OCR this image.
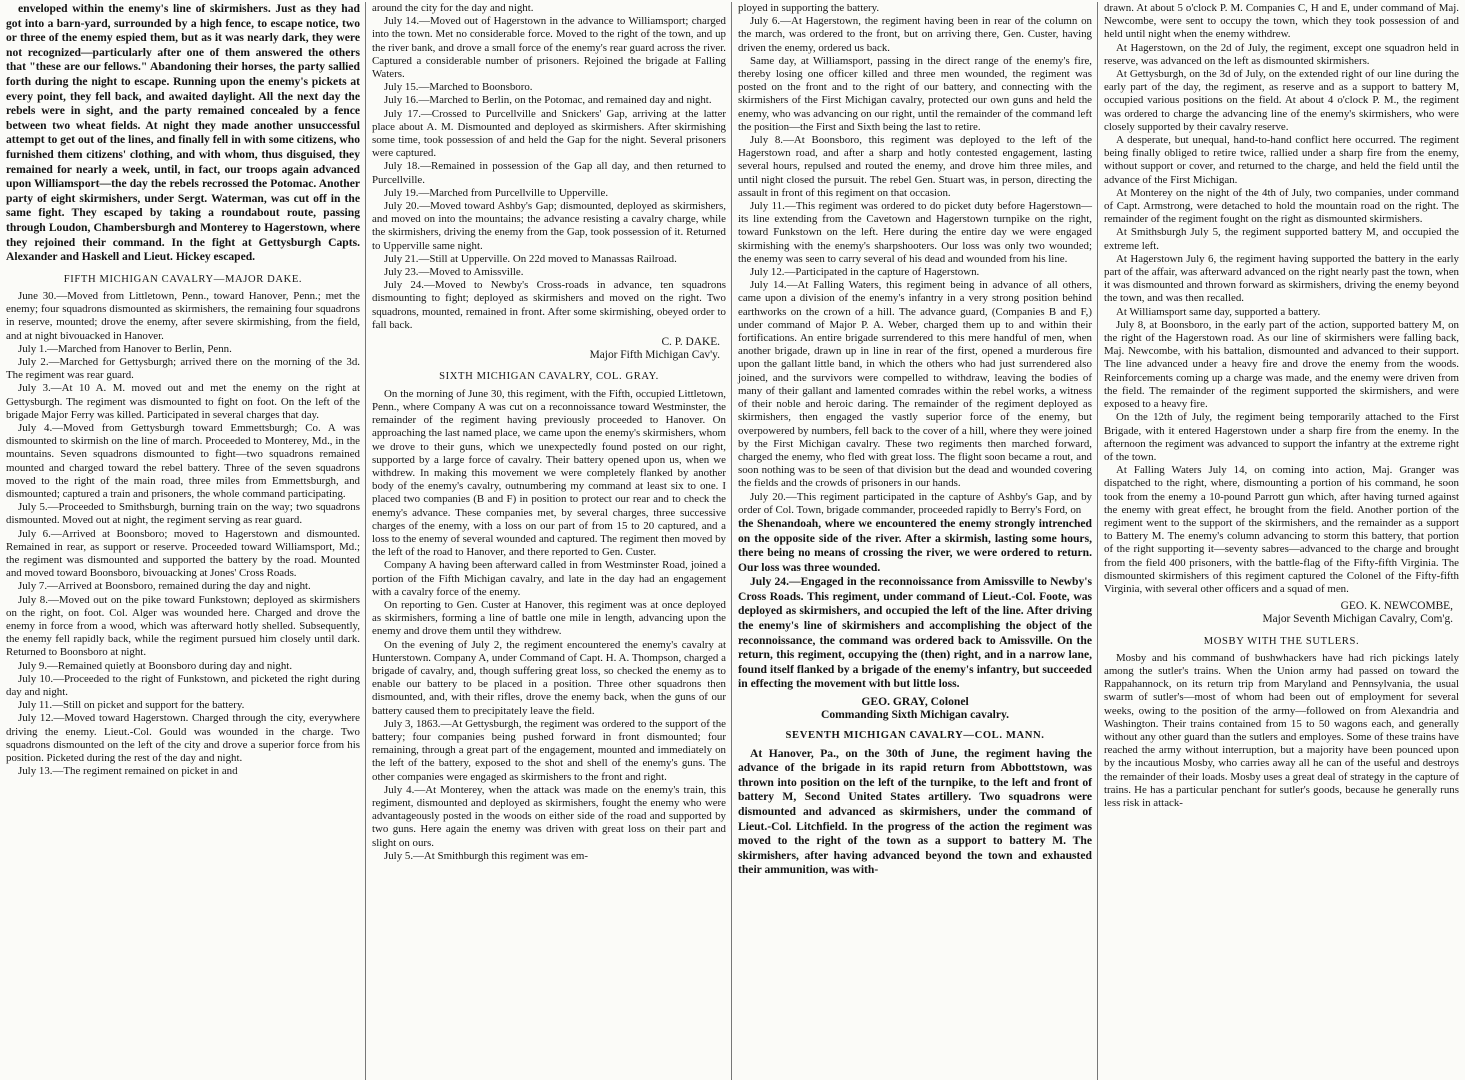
enveloped within the enemy's line of skirmishers. Just as they had got into a barn-yard, surrounded by a high fence, to escape notice, two or three of the enemy espied them, but as it was nearly dark, they were not recognized—particularly after one of them answered the others that "these are our fellows." Abandoning their horses, the party sallied forth during the night to escape. Running upon the enemy's pickets at every point, they fell back, and awaited daylight. All the next day the rebels were in sight, and the party remained concealed by a fence between two wheat fields. At night they made another unsuccessful attempt to get out of the lines, and finally fell in with some citizens, who furnished them citizens' clothing, and with whom, thus disguised, they remained for nearly a week, until, in fact, our troops again advanced upon Williamsport—the day the rebels recrossed the Potomac. Another party of eight skirmishers, under Sergt. Waterman, was cut off in the same fight. They escaped by taking a roundabout route, passing through Loudon, Chambersburgh and Monterey to Hagerstown, where they rejoined their command. In the fight at Gettysburgh Capts. Alexander and Haskell and Lieut. Hickey escaped.

FIFTH MICHIGAN CAVALRY—MAJOR DAKE.

June 30.—Moved from Littletown, Penn., toward Hanover, Penn.; met the enemy; four squadrons dismounted as skirmishers, the remaining four squadrons in reserve, mounted; drove the enemy, after severe skirmishing, from the field, and at night bivouacked in Hanover.

July 1.—Marched from Hanover to Berlin, Penn.

July 2.—Marched for Gettysburgh; arrived there on the morning of the 3d. The regiment was rear guard.

July 3.—At 10 A. M. moved out and met the enemy on the right at Gettysburgh. The regiment was dismounted to fight on foot. On the left of the brigade Major Ferry was killed. Participated in several charges that day.

July 4.—Moved from Gettysburgh toward Emmettsburgh; Co. A was dismounted to skirmish on the line of march. Proceeded to Monterey, Md., in the mountains. Seven squadrons dismounted to fight—two squadrons remained mounted and charged toward the rebel battery. Three of the seven squadrons moved to the right of the main road, three miles from Emmettsburgh, and dismounted; captured a train and prisoners, the whole command participating.

July 5.—Proceeded to Smithsburgh, burning train on the way; two squadrons dismounted. Moved out at night, the regiment serving as rear guard.

July 6.—Arrived at Boonsboro; moved to Hagerstown and dismounted. Remained in rear, as support or reserve. Proceeded toward Williamsport, Md.; the regiment was dismounted and supported the battery by the road. Mounted and moved toward Boonsboro, bivouacking at Jones' Cross Roads.

July 7.—Arrived at Boonsboro, remained during the day and night.

July 8.—Moved out on the pike toward Funkstown; deployed as skirmishers on the right, on foot. Col. Alger was wounded here. Charged and drove the enemy in force from a wood, which was afterward hotly shelled. Subsequently, the enemy fell rapidly back, while the regiment pursued him closely until dark. Returned to Boonsboro at night.

July 9.—Remained quietly at Boonsboro during day and night.

July 10.—Proceeded to the right of Funkstown, and picketed the right during day and night.

July 11.—Still on picket and support for the battery.

July 12.—Moved toward Hagerstown. Charged through the city, everywhere driving the enemy. Lieut.-Col. Gould was wounded in the charge. Two squadrons dismounted on the left of the city and drove a superior force from his position. Picketed during the rest of the day and night.

July 13.—The regiment remained on picket in and

around the city for the day and night.

July 14.—Moved out of Hagerstown in the advance to Williamsport; charged into the town. Met no considerable force. Moved to the right of the town, and up the river bank, and drove a small force of the enemy's rear guard across the river. Captured a considerable number of prisoners. Rejoined the brigade at Falling Waters.

July 15.—Marched to Boonsboro.

July 16.—Marched to Berlin, on the Potomac, and remained day and night.

July 17.—Crossed to Purcellville and Snickers' Gap, arriving at the latter place about A. M. Dismounted and deployed as skirmishers. After skirmishing some time, took possession of and held the Gap for the night. Several prisoners were captured.

July 18.—Remained in possession of the Gap all day, and then returned to Purcellville.

July 19.—Marched from Purcellville to Upperville.

July 20.—Moved toward Ashby's Gap; dismounted, deployed as skirmishers, and moved on into the mountains; the advance resisting a cavalry charge, while the skirmishers, driving the enemy from the Gap, took possession of it. Returned to Upperville same night.

July 21.—Still at Upperville. On 22d moved to Manassas Railroad.

July 23.—Moved to Amissville.

July 24.—Moved to Newby's Cross-roads in advance, ten squadrons dismounting to fight; deployed as skirmishers and moved on the right. Two squadrons, mounted, remained in front. After some skirmishing, obeyed order to fall back.

C. P. DAKE.
Major Fifth Michigan Cav'y.
SIXTH MICHIGAN CAVALRY, COL. GRAY.

On the morning of June 30, this regiment, with the Fifth, occupied Littletown, Penn., where Company A was cut on a reconnoissance toward Westminster, the remainder of the regiment having previously proceeded to Hanover. On approaching the last named place, we came upon the enemy's skirmishers, whom we drove to their guns, which we unexpectedly found posted on our right, supported by a large force of cavalry. Their battery opened upon us, when we withdrew. In making this movement we were completely flanked by another body of the enemy's cavalry, outnumbering my command at least six to one. I placed two companies (B and F) in position to protect our rear and to check the enemy's advance. These companies met, by several charges, three successive charges of the enemy, with a loss on our part of from 15 to 20 captured, and a loss to the enemy of several wounded and captured. The regiment then moved by the left of the road to Hanover, and there reported to Gen. Custer.

Company A having been afterward called in from Westminster Road, joined a portion of the Fifth Michigan cavalry, and late in the day had an engagement with a cavalry force of the enemy.

On reporting to Gen. Custer at Hanover, this regiment was at once deployed as skirmishers, forming a line of battle one mile in length, advancing upon the enemy and drove them until they withdrew.

On the evening of July 2, the regiment encountered the enemy's cavalry at Hunterstown. Company A, under Command of Capt. H. A. Thompson, charged a brigade of cavalry, and, though suffering great loss, so checked the enemy as to enable our battery to be placed in a position. Three other squadrons then dismounted, and, with their rifles, drove the enemy back, when the guns of our battery caused them to precipitately leave the field.

July 3, 1863.—At Gettysburgh, the regiment was ordered to the support of the battery; four companies being pushed forward in front dismounted; four remaining, through a great part of the engagement, mounted and immediately on the left of the battery, exposed to the shot and shell of the enemy's guns. The other companies were engaged as skirmishers to the front and right.

July 4.—At Monterey, when the attack was made on the enemy's train, this regiment, dismounted and deployed as skirmishers, fought the enemy who were advantageously posted in the woods on either side of the road and supported by two guns. Here again the enemy was driven with great loss on their part and slight on ours.

July 5.—At Smithburgh this regiment was em-

ployed in supporting the battery.

July 6.—At Hagerstown, the regiment having been in rear of the column on the march, was ordered to the front, but on arriving there, Gen. Custer, having driven the enemy, ordered us back.

Same day, at Williamsport, passing in the direct range of the enemy's fire, thereby losing one officer killed and three men wounded, the regiment was posted on the front and to the right of our battery, and connecting with the skirmishers of the First Michigan cavalry, protected our own guns and held the enemy, who was advancing on our right, until the remainder of the command left the position—the First and Sixth being the last to retire.

July 8.—At Boonsboro, this regiment was deployed to the left of the Hagerstown road, and after a sharp and hotly contested engagement, lasting several hours, repulsed and routed the enemy, and drove him three miles, and until night closed the pursuit. The rebel Gen. Stuart was, in person, directing the assault in front of this regiment on that occasion.

July 11.—This regiment was ordered to do picket duty before Hagerstown—its line extending from the Cavetown and Hagerstown turnpike on the right, toward Funkstown on the left. Here during the entire day we were engaged skirmishing with the enemy's sharpshooters. Our loss was only two wounded; the enemy was seen to carry several of his dead and wounded from his line.

July 12.—Participated in the capture of Hagerstown.

July 14.—At Falling Waters, this regiment being in advance of all others, came upon a division of the enemy's infantry in a very strong position behind earthworks on the crown of a hill. The advance guard, (Companies B and F,) under command of Major P. A. Weber, charged them up to and within their fortifications. An entire brigade surrendered to this mere handful of men, when another brigade, drawn up in line in rear of the first, opened a murderous fire upon the gallant little band, in which the others who had just surrendered also joined, and the survivors were compelled to withdraw, leaving the bodies of many of their gallant and lamented comrades within the rebel works, a witness of their noble and heroic daring. The remainder of the regiment deployed as skirmishers, then engaged the vastly superior force of the enemy, but overpowered by numbers, fell back to the cover of a hill, where they were joined by the First Michigan cavalry. These two regiments then marched forward, charged the enemy, who fled with great loss. The flight soon became a rout, and soon nothing was to be seen of that division but the dead and wounded covering the fields and the crowds of prisoners in our hands.

July 20.—This regiment participated in the capture of Ashby's Gap, and by order of Col. Town, brigade commander, proceeded rapidly to Berry's Ford, on

the Shenandoah, where we encountered the enemy strongly intrenched on the opposite side of the river. After a skirmish, lasting some hours, there being no means of crossing the river, we were ordered to return. Our loss was three wounded.

July 24.—Engaged in the reconnoissance from Amissville to Newby's Cross Roads. This regiment, under command of Lieut.-Col. Foote, was deployed as skirmishers, and occupied the left of the line. After driving the enemy's line of skirmishers and accomplishing the object of the reconnoissance, the command was ordered back to Amissville. On the return, this regiment, occupying the (then) right, and in a narrow lane, found itself flanked by a brigade of the enemy's infantry, but succeeded in effecting the movement with but little loss.

GEO. GRAY, Colonel
Commanding Sixth Michigan cavalry.
SEVENTH MICHIGAN CAVALRY—COL. MANN.

At Hanover, Pa., on the 30th of June, the regiment having the advance of the brigade in its rapid return from Abbottstown, was thrown into position on the left of the turnpike, to the left and front of battery M, Second United States artillery. Two squadrons were dismounted and advanced as skirmishers, under the command of Lieut.-Col. Litchfield. In the progress of the action the regiment was moved to the right of the town as a support to battery M. The skirmishers, after having advanced beyond the town and exhausted their ammunition, was with-

drawn. At about 5 o'clock P. M. Companies C, H and E, under command of Maj. Newcombe, were sent to occupy the town, which they took possession of and held until night when the enemy withdrew.

At Hagerstown, on the 2d of July, the regiment, except one squadron held in reserve, was advanced on the left as dismounted skirmishers.

At Gettysburgh, on the 3d of July, on the extended right of our line during the early part of the day, the regiment, as reserve and as a support to battery M, occupied various positions on the field. At about 4 o'clock P. M., the regiment was ordered to charge the advancing line of the enemy's skirmishers, who were closely supported by their cavalry reserve.

A desperate, but unequal, hand-to-hand conflict here occurred. The regiment being finally obliged to retire twice, rallied under a sharp fire from the enemy, without support or cover, and returned to the charge, and held the field until the advance of the First Michigan.

At Monterey on the night of the 4th of July, two companies, under command of Capt. Armstrong, were detached to hold the mountain road on the right. The remainder of the regiment fought on the right as dismounted skirmishers.

At Smithsburgh July 5, the regiment supported battery M, and occupied the extreme left.

At Hagerstown July 6, the regiment having supported the battery in the early part of the affair, was afterward advanced on the right nearly past the town, when it was dismounted and thrown forward as skirmishers, driving the enemy beyond the town, and was then recalled.

At Williamsport same day, supported a battery.

July 8, at Boonsboro, in the early part of the action, supported battery M, on the right of the Hagerstown road. As our line of skirmishers were falling back, Maj. Newcombe, with his battalion, dismounted and advanced to their support. The line advanced under a heavy fire and drove the enemy from the woods. Reinforcements coming up a charge was made, and the enemy were driven from the field. The remainder of the regiment supported the skirmishers, and were exposed to a heavy fire.

On the 12th of July, the regiment being temporarily attached to the First Brigade, with it entered Hagerstown under a sharp fire from the enemy. In the afternoon the regiment was advanced to support the infantry at the extreme right of the town.

At Falling Waters July 14, on coming into action, Maj. Granger was dispatched to the right, where, dismounting a portion of his command, he soon took from the enemy a 10-pound Parrott gun which, after having turned against the enemy with great effect, he brought from the field. Another portion of the regiment went to the support of the skirmishers, and the remainder as a support to Battery M. The enemy's column advancing to storm this battery, that portion of the right supporting it—seventy sabres—advanced to the charge and brought from the field 400 prisoners, with the battle-flag of the Fifty-fifth Virginia. The dismounted skirmishers of this regiment captured the Colonel of the Fifty-fifth Virginia, with several other officers and a squad of men.

GEO. K. NEWCOMBE,
Major Seventh Michigan Cavalry, Com'g.
MOSBY WITH THE SUTLERS.

Mosby and his command of bushwhackers have had rich pickings lately among the sutler's trains. When the Union army had passed on toward the Rappahannock, on its return trip from Maryland and Pennsylvania, the usual swarm of sutler's—most of whom had been out of employment for several weeks, owing to the position of the army—followed on from Alexandria and Washington. Their trains contained from 15 to 50 wagons each, and generally without any other guard than the sutlers and employes. Some of these trains have reached the army without interruption, but a majority have been pounced upon by the incautious Mosby, who carries away all he can of the useful and destroys the remainder of their loads. Mosby uses a great deal of strategy in the capture of trains. He has a particular penchant for sutler's goods, because he generally runs less risk in attack-
